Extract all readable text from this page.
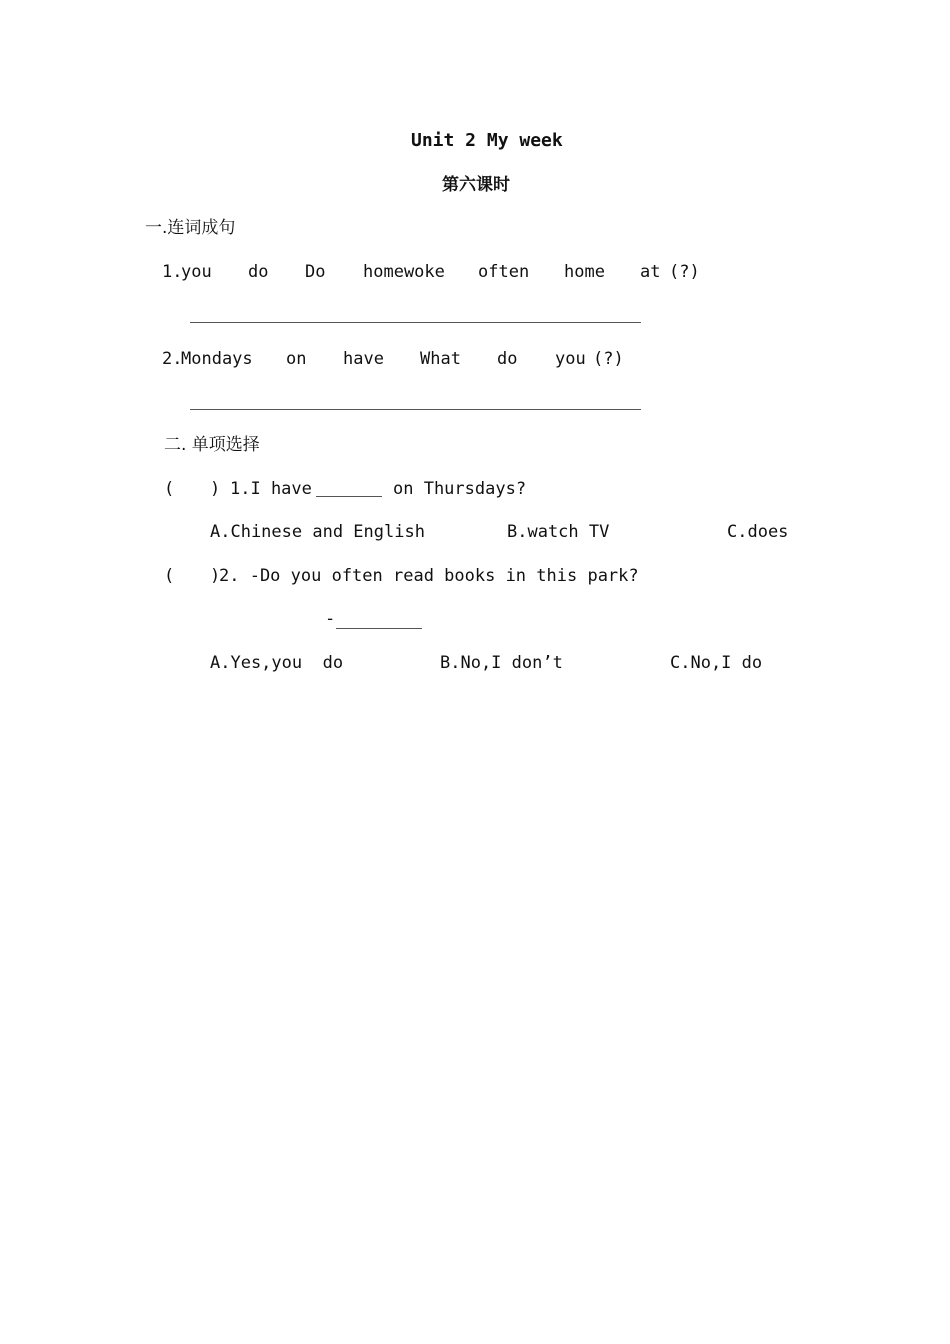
Unit 2 My week
第六课时
一.连词成句
1.
you do Do homewoke often home at (?)
2.
Mondays on have What do you (?)
二. 单项选择
( ) 1.I have	on Thursdays?
A.Chinese and English	B.watch TV	C.does
( )
2. -Do you often read books in this park?
-
A.Yes,you  do	B.No,I don’t	C.No,I do
